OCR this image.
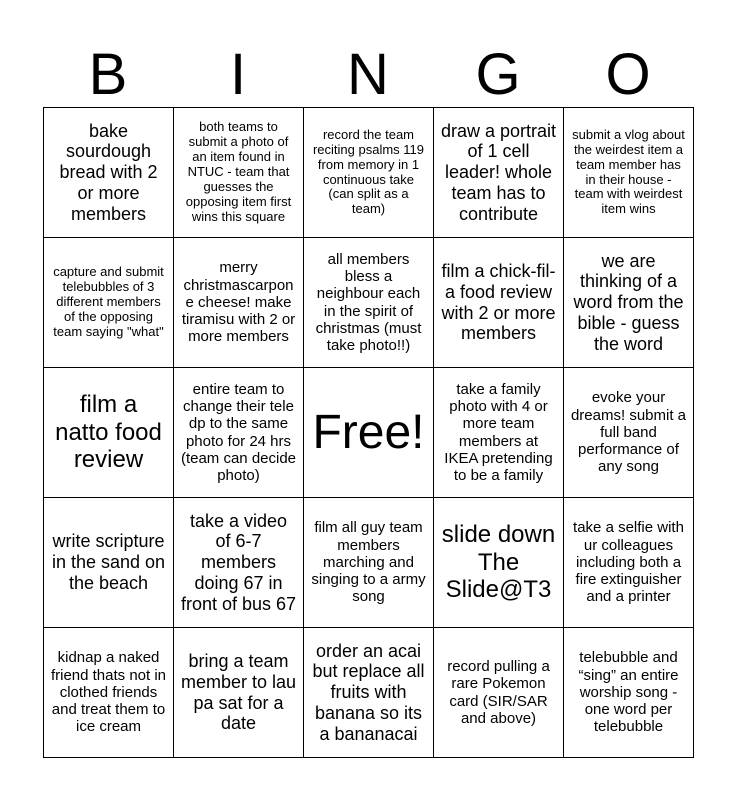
B	I	N	G	O
bake sourdough bread with 2 or more members
both teams to submit a photo of an item found in NTUC - team that guesses the opposing item first wins this square
record the team reciting psalms 119 from memory in 1 continuous take (can split as a team)
draw a portrait of 1 cell leader! whole team has to contribute
submit a vlog about the weirdest item a team member has in their house - team with weirdest item wins
capture and submit telebubbles of 3 different members of the opposing team saying "what"
merry christmascarpone cheese! make tiramisu with 2 or more members
all members bless a neighbour each in the spirit of christmas (must take photo!!)
film a chick-fil-a food review with 2 or more members
we are thinking of a word from the bible - guess the word
film a natto food review
entire team to change their tele dp to the same photo for 24 hrs (team can decide photo)
Free!
take a family photo with 4 or more team members at IKEA pretending to be a family
evoke your dreams! submit a full band performance of any song
write scripture in the sand on the beach
take a video of 6-7 members doing 67 in front of bus 67
film all guy team members marching and singing to a army song
slide down The Slide@T3
take a selfie with ur colleagues including both a fire extinguisher and a printer
kidnap a naked friend thats not in clothed friends and treat them to ice cream
bring a team member to lau pa sat for a date
order an acai but replace all fruits with banana so its a bananacai
record pulling a rare Pokemon card (SIR/SAR and above)
telebubble and “sing” an entire worship song - one word per telebubble
